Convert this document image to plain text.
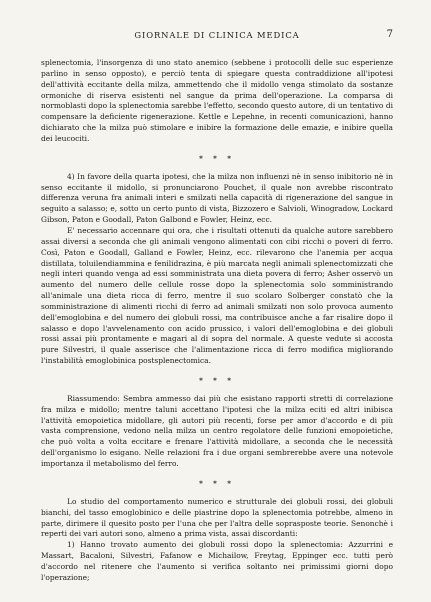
GIORNALE DI CLINICA MEDICA	7

splenectomia, l'insorgenza di uno stato anemico (sebbene i protocolli delle suc esperienze parlino in senso opposto), e perciò tenta di spiegare questa contraddizione all'ipotesi dell'attività eccitante della milza, ammettendo che il midollo venga stimolato da sostanze ormoniche di riserva esistenti nel sangue da prima dell'operazione. La comparsa di normoblasti dopo la splenectomia sarebbe l'effetto, secondo questo autore, di un tentativo di compensare la deficiente rigenerazione. Kettle e Lepehne, in recenti comunicazioni, hanno dichiarato che la milza può stimolare e inibire la formazione delle emazie, e inibire quella dei leucociti.

* * *

4) In favore della quarta ipotesi, che la milza non influenzi nè in senso inibitorio nè in senso eccitante il midollo, si pronunciarono Pouchet, il quale non avrebbe riscontrato differenza veruna fra animali interi e smilzati nella capacità di rigenerazione del sangue in seguito a salasso; e, sotto un certo punto di vista, Bizzozero e Salvioli, Winogradow, Lockard Gibson, Paton e Goodall, Paton Galbond e Fowler, Heinz, ecc.

E' necessario accennare qui ora, che i risultati ottenuti da qualche autore sarebbero assai diversi a seconda che gli animali vengono alimentati con cibi ricchi o poveri di ferro. Così, Paton e Goodall, Galland e Fowler, Heinz, ecc. rilevarono che l'anemia per acqua distillata, toluilendiammina e fenilidrazina, è più marcata negli animali splenectomizzati che negli interi quando venga ad essi somministrata una dieta povera di ferro; Asher osservò un aumento del numero delle cellule rosse dopo la splenectomia solo somministrando all'animale una dieta ricca di ferro, mentre il suo scolaro Solberger constatò che la somministrazione di alimenti ricchi di ferro ad animali smilzati non solo provoca aumento dell'emoglobina e del numero dei globuli rossi, ma contribuisce anche a far risalire dopo il salasso e dopo l'avvelenamento con acido prussico, i valori dell'emoglobina e dei globuli rossi assai più prontamente e magari al di sopra del normale. A queste vedute si accosta pure Silvestri, il quale asserisce che l'alimentazione ricca di ferro modifica migliorando l'instabilità emoglobinica postsplenectomica.

* * *

Riassumendo: Sembra ammesso dai più che esistano rapporti stretti di correlazione fra milza e midollo; mentre taluni accettano l'ipotesi che la milza eciti ed altri inibisca l'attività emopoietica midollare, gli autori più recenti, forse per amor d'accordo e di più vasta comprensione, vedono nella milza un centro regolatore delle funzioni emopoietiche, che può volta a volta eccitare e frenare l'attività midollare, a seconda che le necessità dell'organismo lo esigano. Nelle relazioni fra i due organi sembrerebbe avere una notevole importanza il metabolismo del ferro.

* * *

Lo studio del comportamento numerico e strutturale dei globuli rossi, dei globuli bianchi, del tasso emoglobinico e delle piastrine dopo la splenectomia potrebbe, almeno in parte, dirimere il quesito posto per l'una che per l'altra delle soprasposte teorie. Senonchè i reperti dei vari autori sono, almeno a prima vista, assai discordanti:

1) Hanno trovato aumento dei globuli rossi dopo la splenectomia: Azzurrini e Massart, Bacaloni, Silvestri, Fafanow e Michailow, Freytag, Eppinger ecc. tutti però d'accordo nel ritenere che l'aumento si verifica soltanto nei primissimi giorni dopo l'operazione;
